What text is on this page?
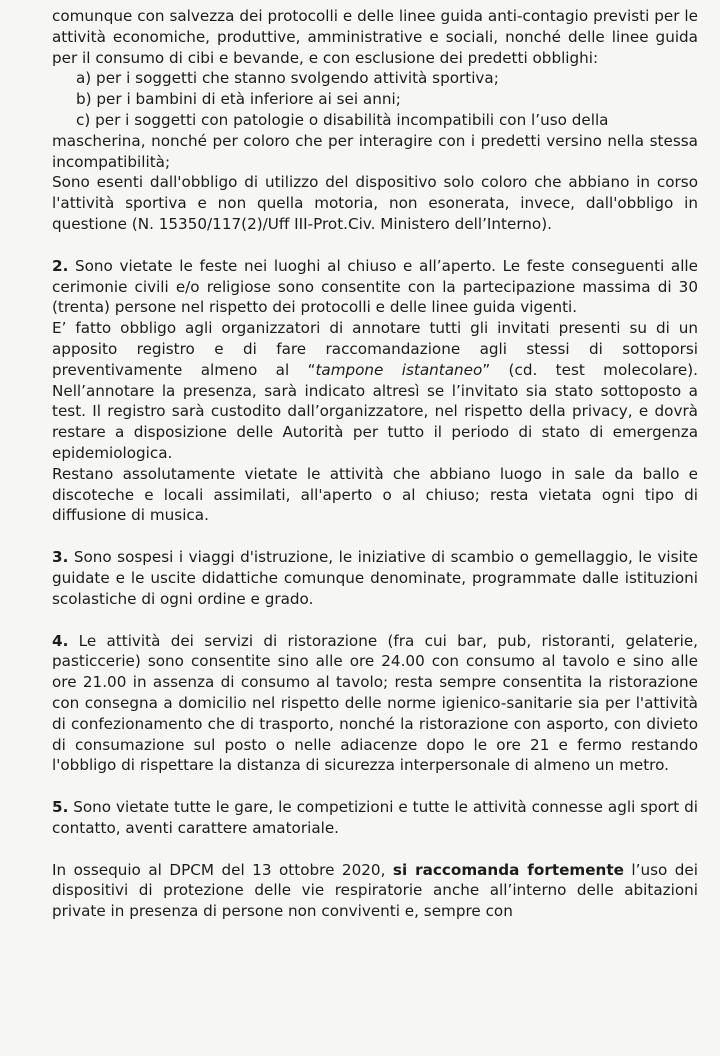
comunque con salvezza dei protocolli e delle linee guida anti-contagio previsti per le attività economiche, produttive, amministrative e sociali, nonché delle linee guida per il consumo di cibi e bevande, e con esclusione dei predetti obblighi:

a) per i soggetti che stanno svolgendo attività sportiva;

b) per i bambini di età inferiore ai sei anni;

c) per i soggetti con patologie o disabilità incompatibili con l’uso della

mascherina, nonché per coloro che per interagire con i predetti versino nella stessa incompatibilità;

Sono esenti dall'obbligo di utilizzo del dispositivo solo coloro che abbiano in corso l'attività sportiva e non quella motoria, non esonerata, invece, dall'obbligo in questione (N. 15350/117(2)/Uff III-Prot.Civ. Ministero dell’Interno).

2. Sono vietate le feste nei luoghi al chiuso e all’aperto. Le feste conseguenti alle cerimonie civili e/o religiose sono consentite con la partecipazione massima di 30 (trenta) persone nel rispetto dei protocolli e delle linee guida vigenti.

E’ fatto obbligo agli organizzatori di annotare tutti gli invitati presenti su di un apposito registro e di fare raccomandazione agli stessi di sottoporsi preventivamente almeno al “tampone istantaneo” (cd. test molecolare). Nell’annotare la presenza, sarà indicato altresì se l’invitato sia stato sottoposto a test. Il registro sarà custodito dall’organizzatore, nel rispetto della privacy, e dovrà restare a disposizione delle Autorità per tutto il periodo di stato di emergenza epidemiologica.

Restano assolutamente vietate le attività che abbiano luogo in sale da ballo e discoteche e locali assimilati, all'aperto o al chiuso; resta vietata ogni tipo di diffusione di musica.

3. Sono sospesi i viaggi d'istruzione, le iniziative di scambio o gemellaggio, le visite guidate e le uscite didattiche comunque denominate, programmate dalle istituzioni scolastiche di ogni ordine e grado.

4. Le attività dei servizi di ristorazione (fra cui bar, pub, ristoranti, gelaterie, pasticcerie) sono consentite sino alle ore 24.00 con consumo al tavolo e sino alle ore 21.00 in assenza di consumo al tavolo; resta sempre consentita la ristorazione con consegna a domicilio nel rispetto delle norme igienico-sanitarie sia per l'attività di confezionamento che di trasporto, nonché la ristorazione con asporto, con divieto di consumazione sul posto o nelle adiacenze dopo le ore 21 e fermo restando l'obbligo di rispettare la distanza di sicurezza interpersonale di almeno un metro.

5. Sono vietate tutte le gare, le competizioni e tutte le attività connesse agli sport di contatto, aventi carattere amatoriale.

In ossequio al DPCM del 13 ottobre 2020, si raccomanda fortemente l’uso dei dispositivi di protezione delle vie respiratorie anche all’interno delle abitazioni private in presenza di persone non conviventi e, sempre con
